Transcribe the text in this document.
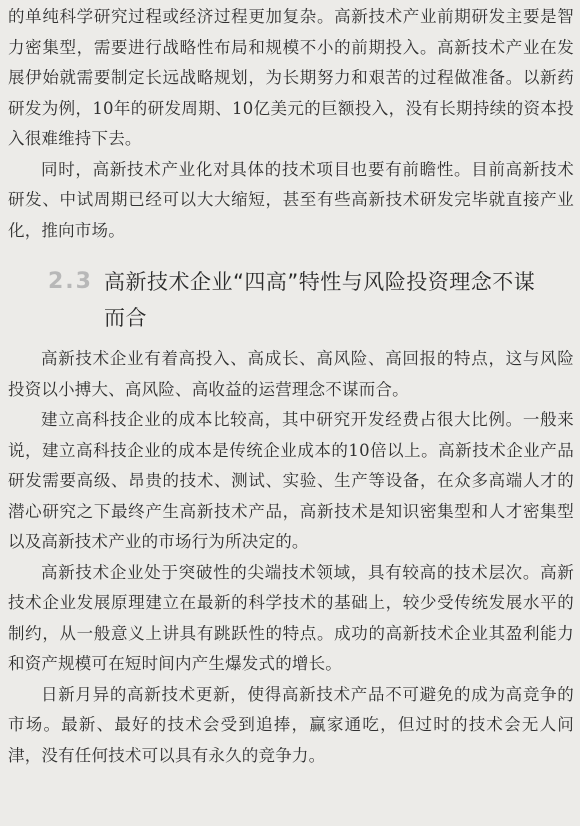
的单纯科学研究过程或经济过程更加复杂。高新技术产业前期研发主要是智力密集型，需要进行战略性布局和规模不小的前期投入。高新技术产业在发展伊始就需要制定长远战略规划，为长期努力和艰苦的过程做准备。以新药研发为例，10年的研发周期、10亿美元的巨额投入，没有长期持续的资本投入很难维持下去。

同时，高新技术产业化对具体的技术项目也要有前瞻性。目前高新技术研发、中试周期已经可以大大缩短，甚至有些高新技术研发完毕就直接产业化，推向市场。

2.3 高新技术企业“四高”特性与风险投资理念不谋
而合

高新技术企业有着高投入、高成长、高风险、高回报的特点，这与风险投资以小搏大、高风险、高收益的运营理念不谋而合。

建立高科技企业的成本比较高，其中研究开发经费占很大比例。一般来说，建立高科技企业的成本是传统企业成本的10倍以上。高新技术企业产品研发需要高级、昂贵的技术、测试、实验、生产等设备，在众多高端人才的潜心研究之下最终产生高新技术产品，高新技术是知识密集型和人才密集型以及高新技术产业的市场行为所决定的。

高新技术企业处于突破性的尖端技术领域，具有较高的技术层次。高新技术企业发展原理建立在最新的科学技术的基础上，较少受传统发展水平的制约，从一般意义上讲具有跳跃性的特点。成功的高新技术企业其盈利能力和资产规模可在短时间内产生爆发式的增长。

日新月异的高新技术更新，使得高新技术产品不可避免的成为高竞争的市场。最新、最好的技术会受到追捧，赢家通吃，但过时的技术会无人问津，没有任何技术可以具有永久的竞争力。
